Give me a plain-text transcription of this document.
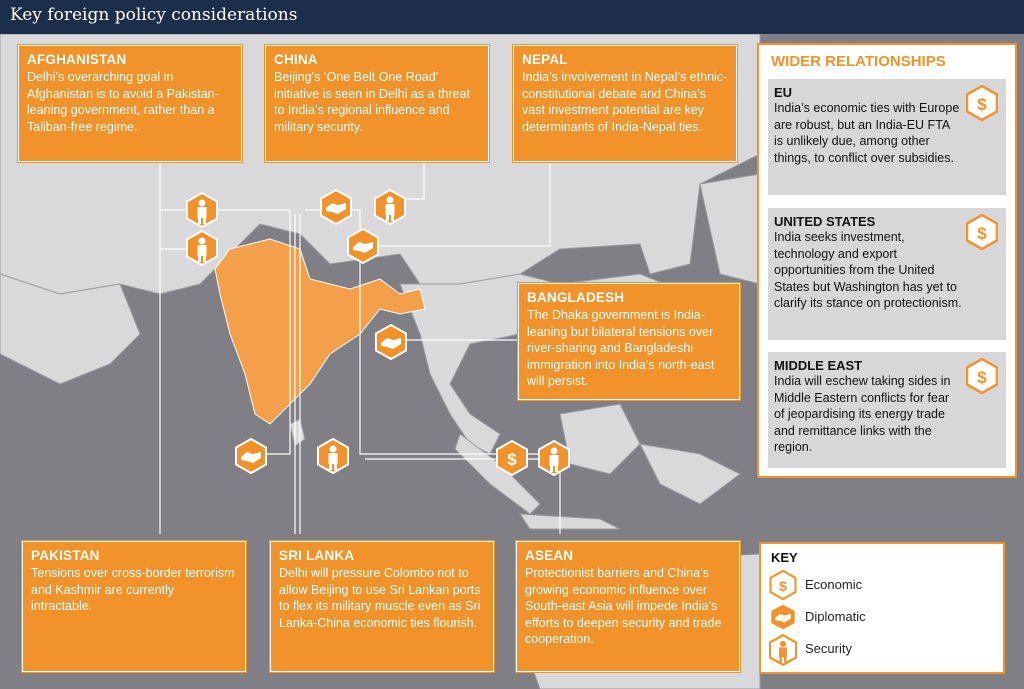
Key foreign policy considerations
$
AFGHANISTAN
Delhi’s overarching goal in Afghanistan is to avoid a Pakistan-leaning government, rather than a Taliban-free regime.
CHINA
Beijing’s ‘One Belt One Road’ initiative is seen in Delhi as a threat to India’s regional influence and military security.
NEPAL
India’s involvement in Nepal’s ethnic-constitutional debate and China’s vast investment potential are key determinants of India-Nepal ties.
BANGLADESH
The Dhaka government is India-leaning but bilateral tensions over river-sharing and Bangladeshi immigration into India’s north-east will persist.
PAKISTAN
Tensions over cross-border terrorism and Kashmir are currently intractable.
SRI LANKA
Delhi will pressure Colombo not to allow Beijing to use Sri Lankan ports to flex its military muscle even as Sri Lanka-China economic ties flourish.
ASEAN
Protectionist barriers and China’s growing economic influence over South-east Asia will impede India’s efforts to deepen security and trade cooperation.
WIDER RELATIONSHIPS
EU
India’s economic ties with Europe are robust, but an India-EU FTA is unlikely due, among other things, to conflict over subsidies.
$
UNITED STATES
India seeks investment, technology and export opportunities from the United States but Washington has yet to clarify its stance on protectionism.
$
MIDDLE EAST
India will eschew taking sides in Middle Eastern conflicts for fear of jeopardising its energy trade and remittance links with the region.
$
KEY
$ Economic
Diplomatic
Security
